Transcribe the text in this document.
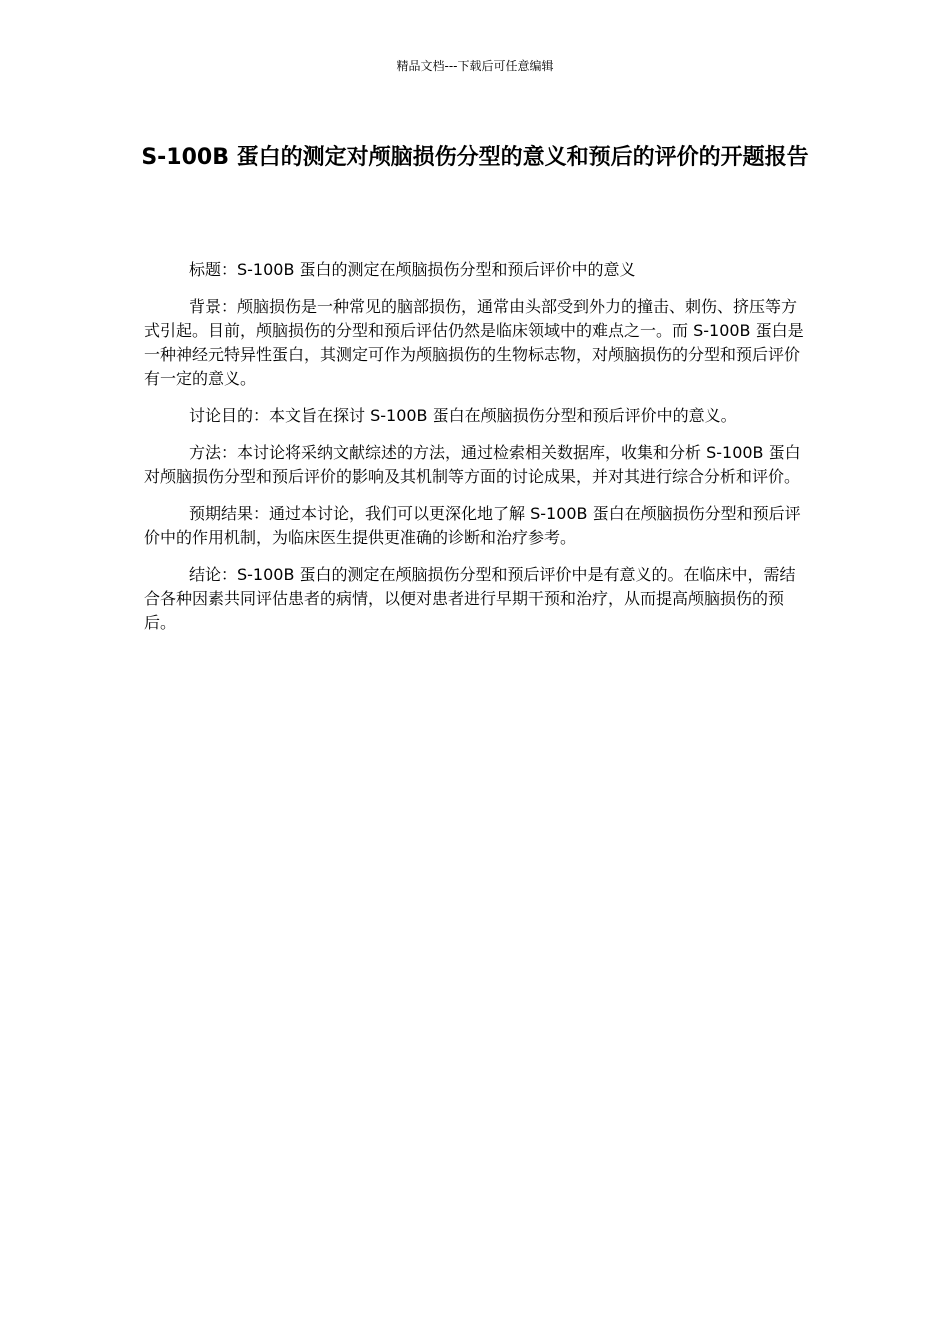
精品文档---下载后可任意编辑
S-100B 蛋白的测定对颅脑损伤分型的意义和预后的评价的开题报告

标题：S-100B 蛋白的测定在颅脑损伤分型和预后评价中的意义

背景：颅脑损伤是一种常见的脑部损伤，通常由头部受到外力的撞击、刺伤、挤压等方式引起。目前，颅脑损伤的分型和预后评估仍然是临床领域中的难点之一。而 S-100B 蛋白是一种神经元特异性蛋白，其测定可作为颅脑损伤的生物标志物，对颅脑损伤的分型和预后评价有一定的意义。

讨论目的：本文旨在探讨 S-100B 蛋白在颅脑损伤分型和预后评价中的意义。

方法：本讨论将采纳文献综述的方法，通过检索相关数据库，收集和分析 S-100B 蛋白对颅脑损伤分型和预后评价的影响及其机制等方面的讨论成果，并对其进行综合分析和评价。

预期结果：通过本讨论，我们可以更深化地了解 S-100B 蛋白在颅脑损伤分型和预后评价中的作用机制，为临床医生提供更准确的诊断和治疗参考。

结论：S-100B 蛋白的测定在颅脑损伤分型和预后评价中是有意义的。在临床中，需结合各种因素共同评估患者的病情，以便对患者进行早期干预和治疗，从而提高颅脑损伤的预后。
